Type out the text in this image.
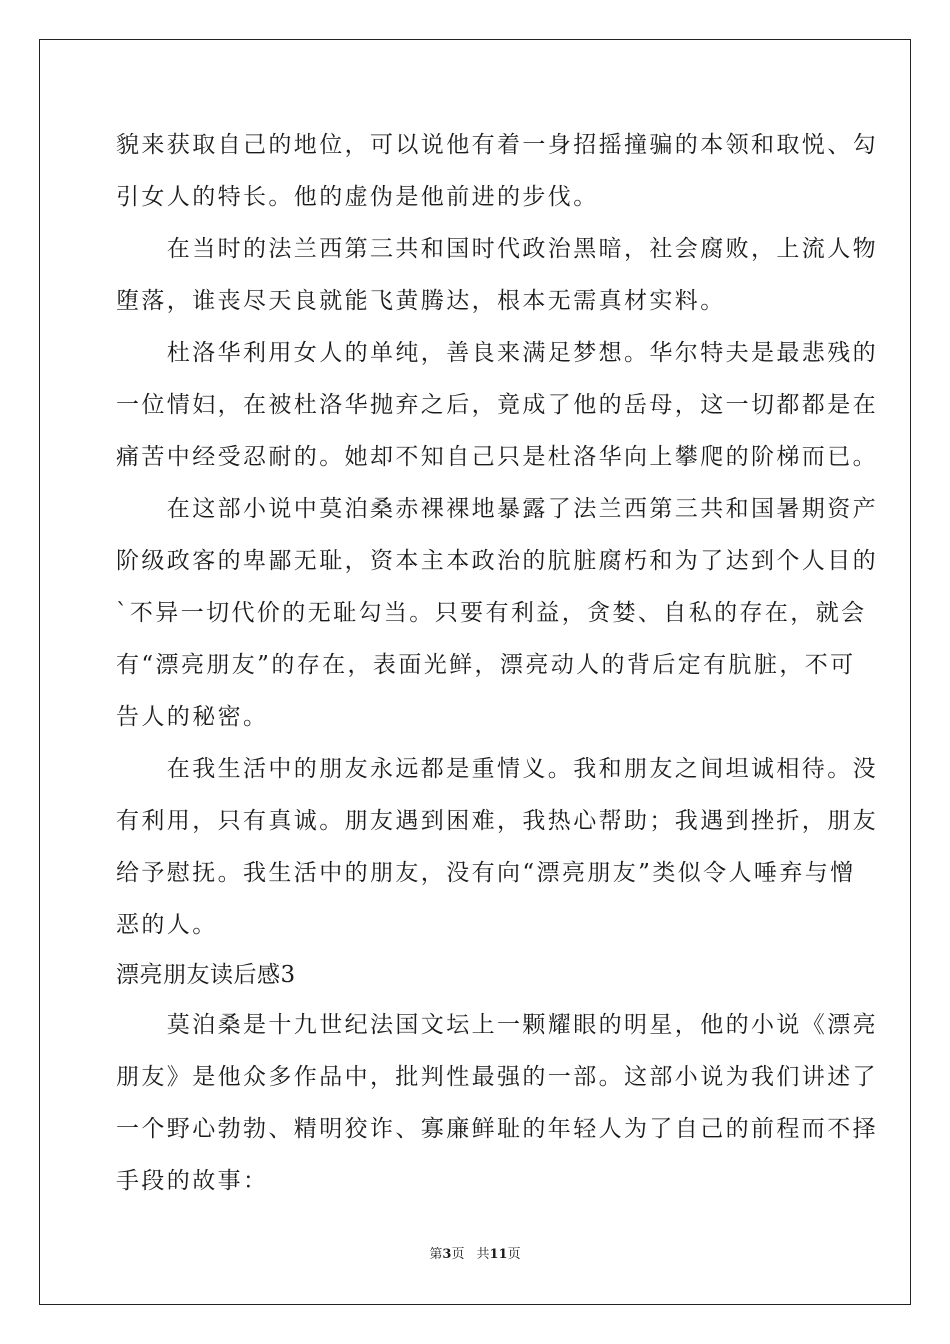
貌来获取自己的地位，可以说他有着一身招摇撞骗的本领和取悦、勾
引女人的特长。他的虚伪是他前进的步伐。
　　在当时的法兰西第三共和国时代政治黑暗，社会腐败，上流人物
堕落，谁丧尽天良就能飞黄腾达，根本无需真材实料。
　　杜洛华利用女人的单纯，善良来满足梦想。华尔特夫是最悲残的
一位情妇，在被杜洛华抛弃之后，竟成了他的岳母，这一切都都是在
痛苦中经受忍耐的。她却不知自己只是杜洛华向上攀爬的阶梯而已。
　　在这部小说中莫泊桑赤裸裸地暴露了法兰西第三共和国暑期资产
阶级政客的卑鄙无耻，资本主本政治的肮脏腐朽和为了达到个人目的
`不异一切代价的无耻勾当。只要有利益，贪婪、自私的存在，就会
有“漂亮朋友”的存在，表面光鲜，漂亮动人的背后定有肮脏，不可
告人的秘密。
　　在我生活中的朋友永远都是重情义。我和朋友之间坦诚相待。没
有利用，只有真诚。朋友遇到困难，我热心帮助；我遇到挫折，朋友
给予慰抚。我生活中的朋友，没有向“漂亮朋友”类似令人唾弃与憎
恶的人。
漂亮朋友读后感3
　　莫泊桑是十九世纪法国文坛上一颗耀眼的明星，他的小说《漂亮
朋友》是他众多作品中，批判性最强的一部。这部小说为我们讲述了
一个野心勃勃、精明狡诈、寡廉鲜耻的年轻人为了自己的前程而不择
手段的故事：
第3页 共11页
